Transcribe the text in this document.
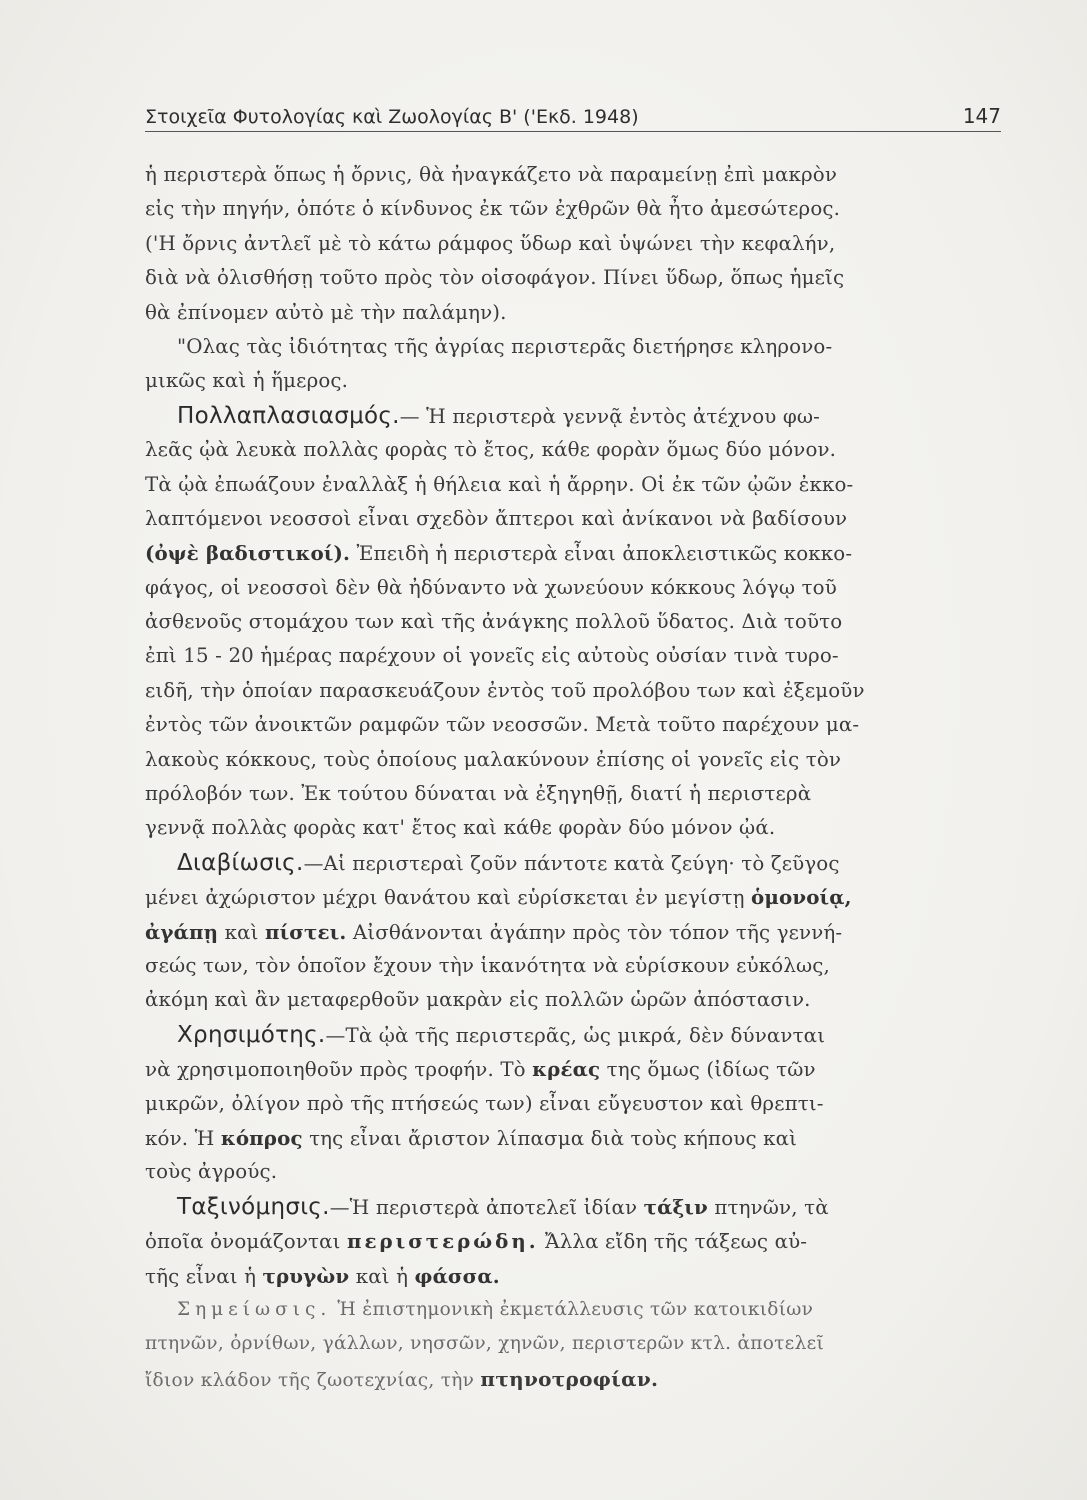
Στοιχεῖα Φυτολογίας καὶ Ζωολογίας Β' ('Εκδ. 1948)	147
ἡ περιστερὰ ὅπως ἡ ὄρνις, θὰ ἠναγκάζετο νὰ παραμείνῃ ἐπὶ μακρὸν
εἰς τὴν πηγήν, ὁπότε ὁ κίνδυνος ἐκ τῶν ἐχθρῶν θὰ ἦτο ἀμεσώτερος.
('Η ὄρνις ἀντλεῖ μὲ τὸ κάτω ράμφος ὕδωρ καὶ ὑψώνει τὴν κεφαλήν,
διὰ νὰ ὀλισθήσῃ τοῦτο πρὸς τὸν οἰσοφάγον. Πίνει ὕδωρ, ὅπως ἡμεῖς
θὰ ἐπίνομεν αὐτὸ μὲ τὴν παλάμην).
"Ολας τὰς ἰδιότητας τῆς ἀγρίας περιστερᾶς διετήρησε κληρονο-
μικῶς καὶ ἡ ἥμερος.
Πολλαπλασιασμός.— Ἡ περιστερὰ γεννᾷ ἐντὸς ἀτέχνου φω-
λεᾶς ᾠὰ λευκὰ πολλὰς φορὰς τὸ ἔτος, κάθε φορὰν ὅμως δύο μόνον.
Τὰ ᾠὰ ἐπωάζουν ἐναλλὰξ ἡ θήλεια καὶ ἡ ἄρρην. Οἱ ἐκ τῶν ᾠῶν ἐκκο-
λαπτόμενοι νεοσσοὶ εἶναι σχεδὸν ἄπτεροι καὶ ἀνίκανοι νὰ βαδίσουν
(ὀψὲ βαδιστικοί). Ἐπειδὴ ἡ περιστερὰ εἶναι ἀποκλειστικῶς κοκκο-
φάγος, οἱ νεοσσοὶ δὲν θὰ ἠδύναντο νὰ χωνεύουν κόκκους λόγῳ τοῦ
ἀσθενοῦς στομάχου των καὶ τῆς ἀνάγκης πολλοῦ ὕδατος. Διὰ τοῦτο
ἐπὶ 15 - 20 ἡμέρας παρέχουν οἱ γονεῖς εἰς αὐτοὺς οὐσίαν τινὰ τυρο-
ειδῆ, τὴν ὁποίαν παρασκευάζουν ἐντὸς τοῦ προλόβου των καὶ ἐξεμοῦν
ἐντὸς τῶν ἀνοικτῶν ραμφῶν τῶν νεοσσῶν. Μετὰ τοῦτο παρέχουν μα-
λακοὺς κόκκους, τοὺς ὁποίους μαλακύνουν ἐπίσης οἱ γονεῖς εἰς τὸν
πρόλοβόν των. Ἐκ τούτου δύναται νὰ ἐξηγηθῇ, διατί ἡ περιστερὰ
γεννᾷ πολλὰς φορὰς κατ' ἔτος καὶ κάθε φορὰν δύο μόνον ᾠά.
Διαβίωσις.—Αἱ περιστεραὶ ζοῦν πάντοτε κατὰ ζεύγη· τὸ ζεῦγος
μένει ἀχώριστον μέχρι θανάτου καὶ εὑρίσκεται ἐν μεγίστῃ ὁμονοίᾳ,
ἀγάπῃ καὶ πίστει. Αἰσθάνονται ἀγάπην πρὸς τὸν τόπον τῆς γεννή-
σεώς των, τὸν ὁποῖον ἔχουν τὴν ἱκανότητα νὰ εὑρίσκουν εὐκόλως,
ἀκόμη καὶ ἂν μεταφερθοῦν μακρὰν εἰς πολλῶν ὡρῶν ἀπόστασιν.
Χρησιμότης.—Τὰ ᾠὰ τῆς περιστερᾶς, ὡς μικρά, δὲν δύνανται
νὰ χρησιμοποιηθοῦν πρὸς τροφήν. Τὸ κρέας της ὅμως (ἰδίως τῶν
μικρῶν, ὀλίγον πρὸ τῆς πτήσεώς των) εἶναι εὔγευστον καὶ θρεπτι-
κόν. Ἡ κόπρος της εἶναι ἄριστον λίπασμα διὰ τοὺς κήπους καὶ
τοὺς ἀγρούς.
Ταξινόμησις.—Ἡ περιστερὰ ἀποτελεῖ ἰδίαν τάξιν πτηνῶν, τὰ
ὁποῖα ὀνομάζονται περιστερώδη. Ἄλλα εἴδη τῆς τάξεως αὐ-
τῆς εἶναι ἡ τρυγὼν καὶ ἡ φάσσα.
Σημείωσις. Ἡ ἐπιστημονικὴ ἐκμετάλλευσις τῶν κατοικιδίων
πτηνῶν, ὀρνίθων, γάλλων, νησσῶν, χηνῶν, περιστερῶν κτλ. ἀποτελεῖ
ἴδιον κλάδον τῆς ζωοτεχνίας, τὴν πτηνοτροφίαν.
